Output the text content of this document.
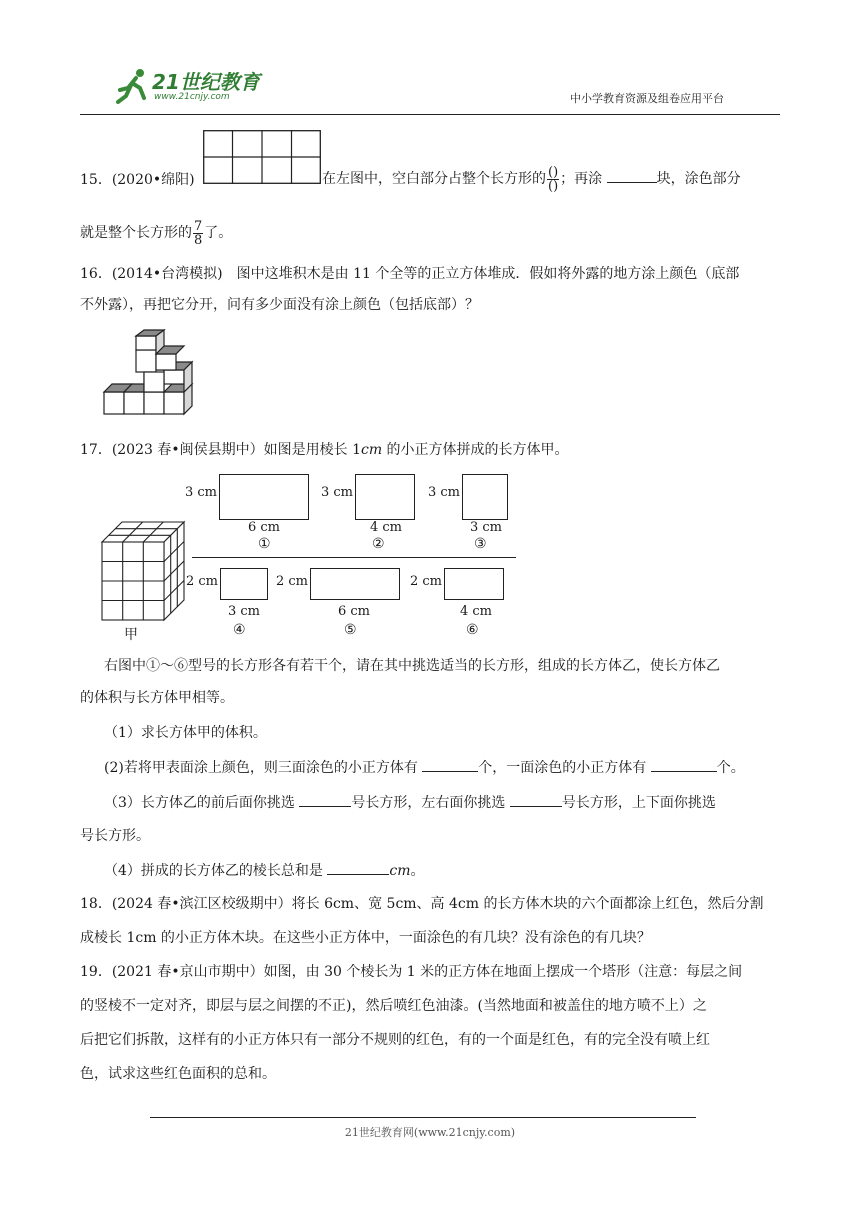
21世纪教育
www.21cnjy.com	中小学教育资源及组卷应用平台
15．(2020•绵阳)	在左图中，空白部分占整个长方形的 $\frac{()}{()}$ ；再涂	块，涂色部分
就是整个长方形的 $\frac{7}{8}$ 了。
16．(2014•台湾模拟)　图中这堆积木是由 11 个全等的正立方体堆成．假如将外露的地方涂上颜色（底部
不外露），再把它分开，问有多少面没有涂上颜色（包括底部）？
17．(2023 春•闽侯县期中）如图是用棱长 1cm 的小正方体拼成的长方体甲。
甲
3 cm
6 cm
①
3 cm
4 cm
②
3 cm
3 cm
③
2 cm
3 cm
④
2 cm
6 cm
⑤
2 cm
4 cm
⑥
右图中①～⑥型号的长方形各有若干个，请在其中挑选适当的长方形，组成的长方体乙，使长方体乙
的体积与长方体甲相等。
（1）求长方体甲的体积。
(2)若将甲表面涂上颜色，则三面涂色的小正方体有	个，一面涂色的小正方体有	个。
（3）长方体乙的前后面你挑选	号长方形，左右面你挑选	号长方形，上下面你挑选
号长方形。
（4）拼成的长方体乙的棱长总和是	cm。
18．(2024 春•滨江区校级期中）将长 6cm、宽 5cm、高 4cm 的长方体木块的六个面都涂上红色，然后分割
成棱长 1cm 的小正方体木块。在这些小正方体中，一面涂色的有几块？没有涂色的有几块？
19．(2021 春•京山市期中）如图，由 30 个棱长为 1 米的正方体在地面上摆成一个塔形（注意：每层之间
的竖棱不一定对齐，即层与层之间摆的不正)，然后喷红色油漆。(当然地面和被盖住的地方喷不上）之
后把它们拆散，这样有的小正方体只有一部分不规则的红色，有的一个面是红色，有的完全没有喷上红
色，试求这些红色面积的总和。
21世纪教育网(www.21cnjy.com)
